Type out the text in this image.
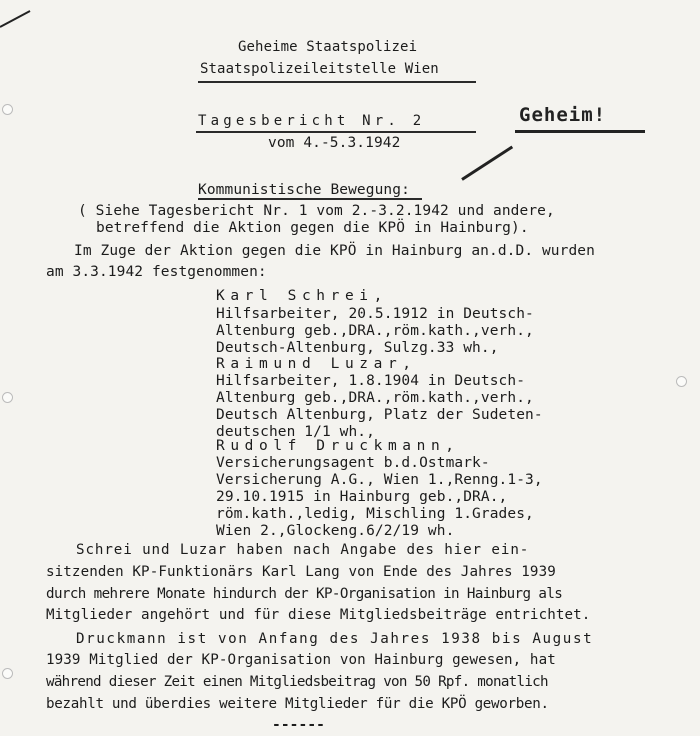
Geheime Staatspolizei
Staatspolizeileitstelle Wien
Tagesbericht Nr. 2
vom 4.-5.3.1942
Geheim!
Kommunistische Bewegung:
( Siehe Tagesbericht Nr. 1 vom 2.-3.2.1942 und andere,
betreffend die Aktion gegen die KPÖ in Hainburg).
Im Zuge der Aktion gegen die KPÖ in Hainburg an.d.D. wurden
am 3.3.1942 festgenommen:
Karl Schrei,
Hilfsarbeiter, 20.5.1912 in Deutsch-
Altenburg geb.,DRA.,röm.kath.,verh.,
Deutsch-Altenburg, Sulzg.33 wh.,
Raimund Luzar,
Hilfsarbeiter, 1.8.1904 in Deutsch-
Altenburg geb.,DRA.,röm.kath.,verh.,
Deutsch Altenburg, Platz der Sudeten-
deutschen 1/1 wh.,
Rudolf Druckmann,
Versicherungsagent b.d.Ostmark-
Versicherung A.G., Wien 1.,Renng.1-3,
29.10.1915 in Hainburg geb.,DRA.,
röm.kath.,ledig, Mischling 1.Grades,
Wien 2.,Glockeng.6/2/19 wh.
Schrei und Luzar haben nach Angabe des hier ein-
sitzenden KP-Funktionärs Karl Lang von Ende des Jahres 1939
durch mehrere Monate hindurch der KP-Organisation in Hainburg als
Mitglieder angehört und für diese Mitgliedsbeiträge entrichtet.
Druckmann ist von Anfang des Jahres 1938 bis August
1939 Mitglied der KP-Organisation von Hainburg gewesen, hat
während dieser Zeit einen Mitgliedsbeitrag von 50 Rpf. monatlich
bezahlt und überdies weitere Mitglieder für die KPÖ geworben.
------
